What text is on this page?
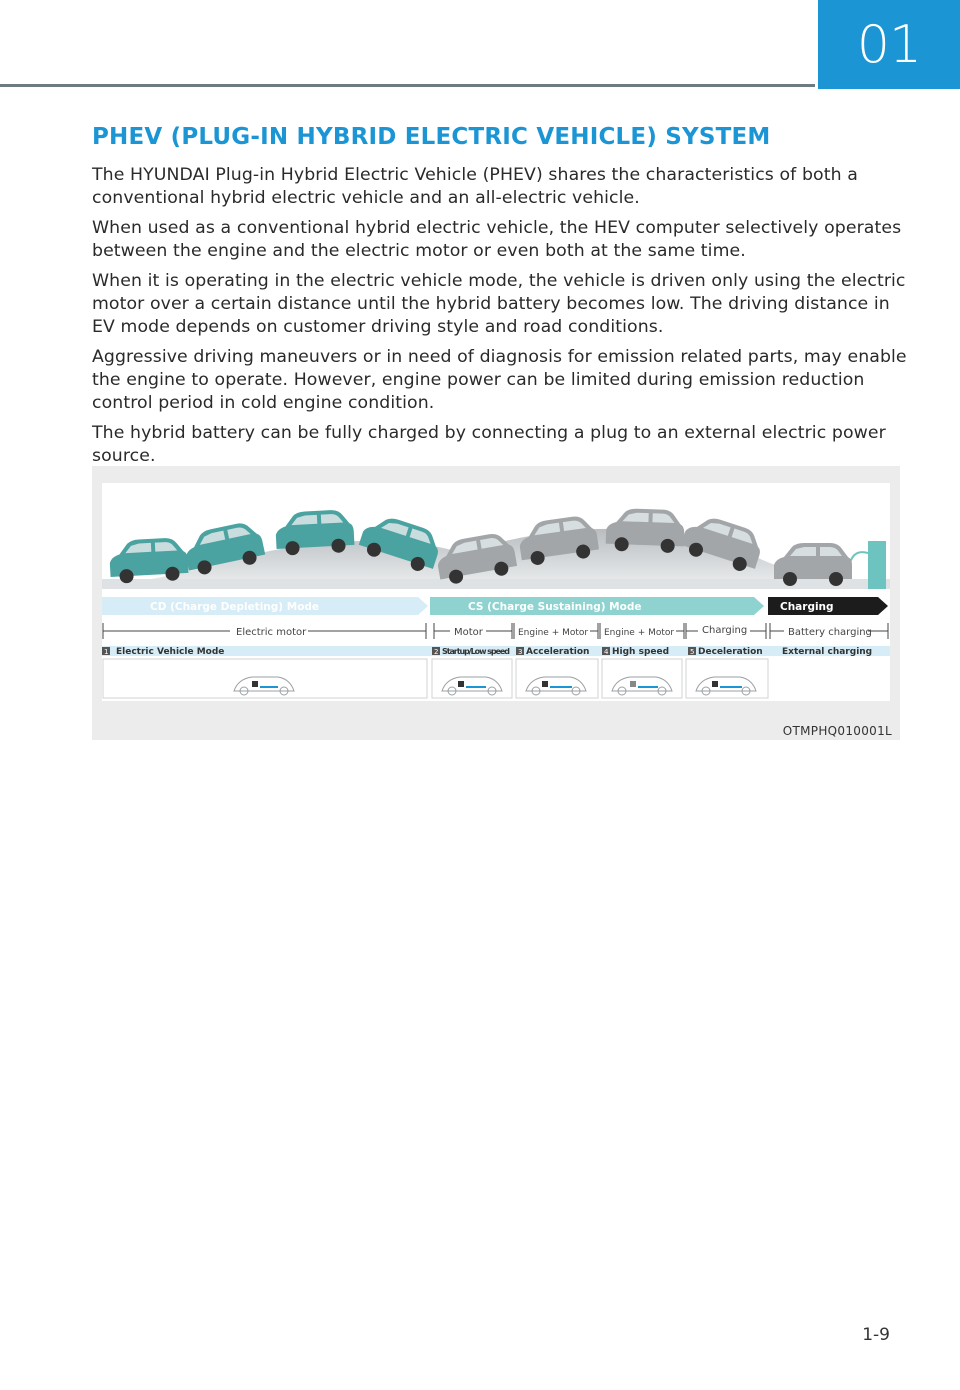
01
PHEV (PLUG-IN HYBRID ELECTRIC VEHICLE) SYSTEM

The HYUNDAI Plug-in Hybrid Electric Vehicle (PHEV) shares the characteristics of both a conventional hybrid electric vehicle and an all-electric vehicle.

When used as a conventional hybrid electric vehicle, the HEV computer selectively operates between the engine and the electric motor or even both at the same time.

When it is operating in the electric vehicle mode, the vehicle is driven only using the electric motor over a certain distance until the hybrid battery becomes low. The driving distance in EV mode depends on customer driving style and road conditions.

Aggressive driving maneuvers or in need of diagnosis for emission related parts, may enable the engine to operate. However, engine power can be limited during emission reduction control period in cold engine condition.

The hybrid battery can be fully charged by connecting a plug to an external electric power source.

CD (Charge Depleting) Mode	CS (Charge Sustaining) Mode	Charging
Electric motor	Motor	Engine + Motor Engine + Motor	Charging	Battery charging
1 Electric Vehicle Mode	2 Startup/Low speed 3 Acceleration 4 High speed	5 Deceleration External charging
OTMPHQ010001L
1-9
